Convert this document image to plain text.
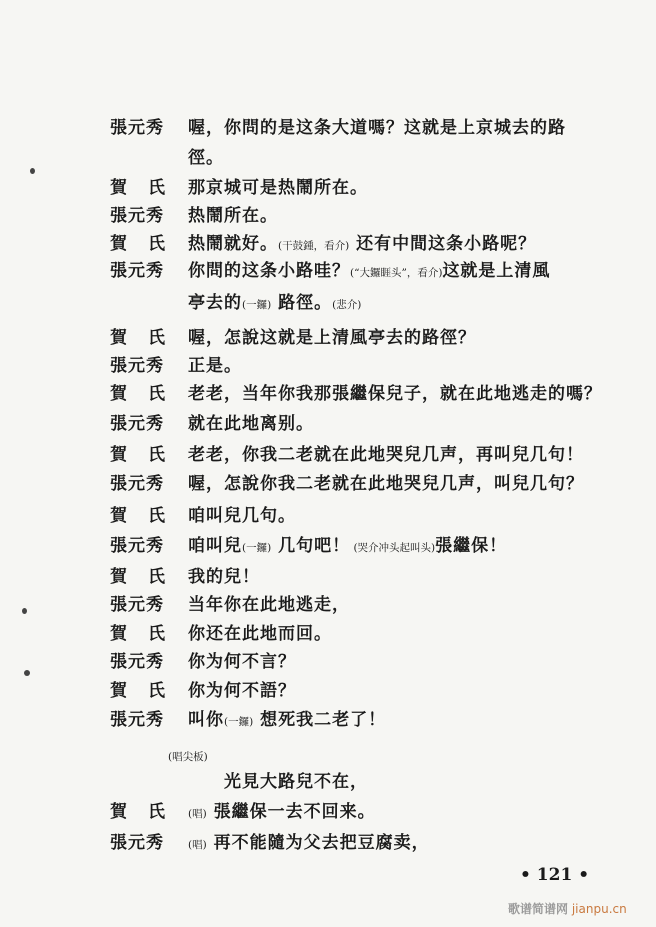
張元秀	喔，你問的是这条大道嗎？这就是上京城去的路
徑。
賀　氏	那京城可是热鬧所在。
張元秀	热鬧所在。
賀　氏	热鬧就好。(干鼓鍾，看介) 还有中間这条小路呢？
張元秀	你問的这条小路哇？(“大鑼睚头”，看介)这就是上清風
亭去的(一鑼) 路徑。(悲介)
賀　氏	喔，怎說这就是上清風亭去的路徑？
張元秀	正是。
賀　氏	老老，当年你我那張繼保兒子，就在此地逃走的嗎？
張元秀	就在此地离别。
賀　氏	老老，你我二老就在此地哭兒几声，再叫兒几句！
張元秀	喔，怎說你我二老就在此地哭兒几声，叫兒几句？
賀　氏	咱叫兒几句。
張元秀	咱叫兒(一鑼) 几句吧！ (哭介冲头起叫头)張繼保！
賀　氏	我的兒！
張元秀	当年你在此地逃走，
賀　氏	你还在此地而回。
張元秀	你为何不言？
賀　氏	你为何不語？
張元秀	叫你(一鑼) 想死我二老了！
(唱尖板)
　　光見大路兒不在，
賀　氏	(唱) 張繼保一去不回来。
張元秀	(唱) 再不能隨为父去把豆腐卖，
• 121 •
歌谱简谱网 jianpu.cn
